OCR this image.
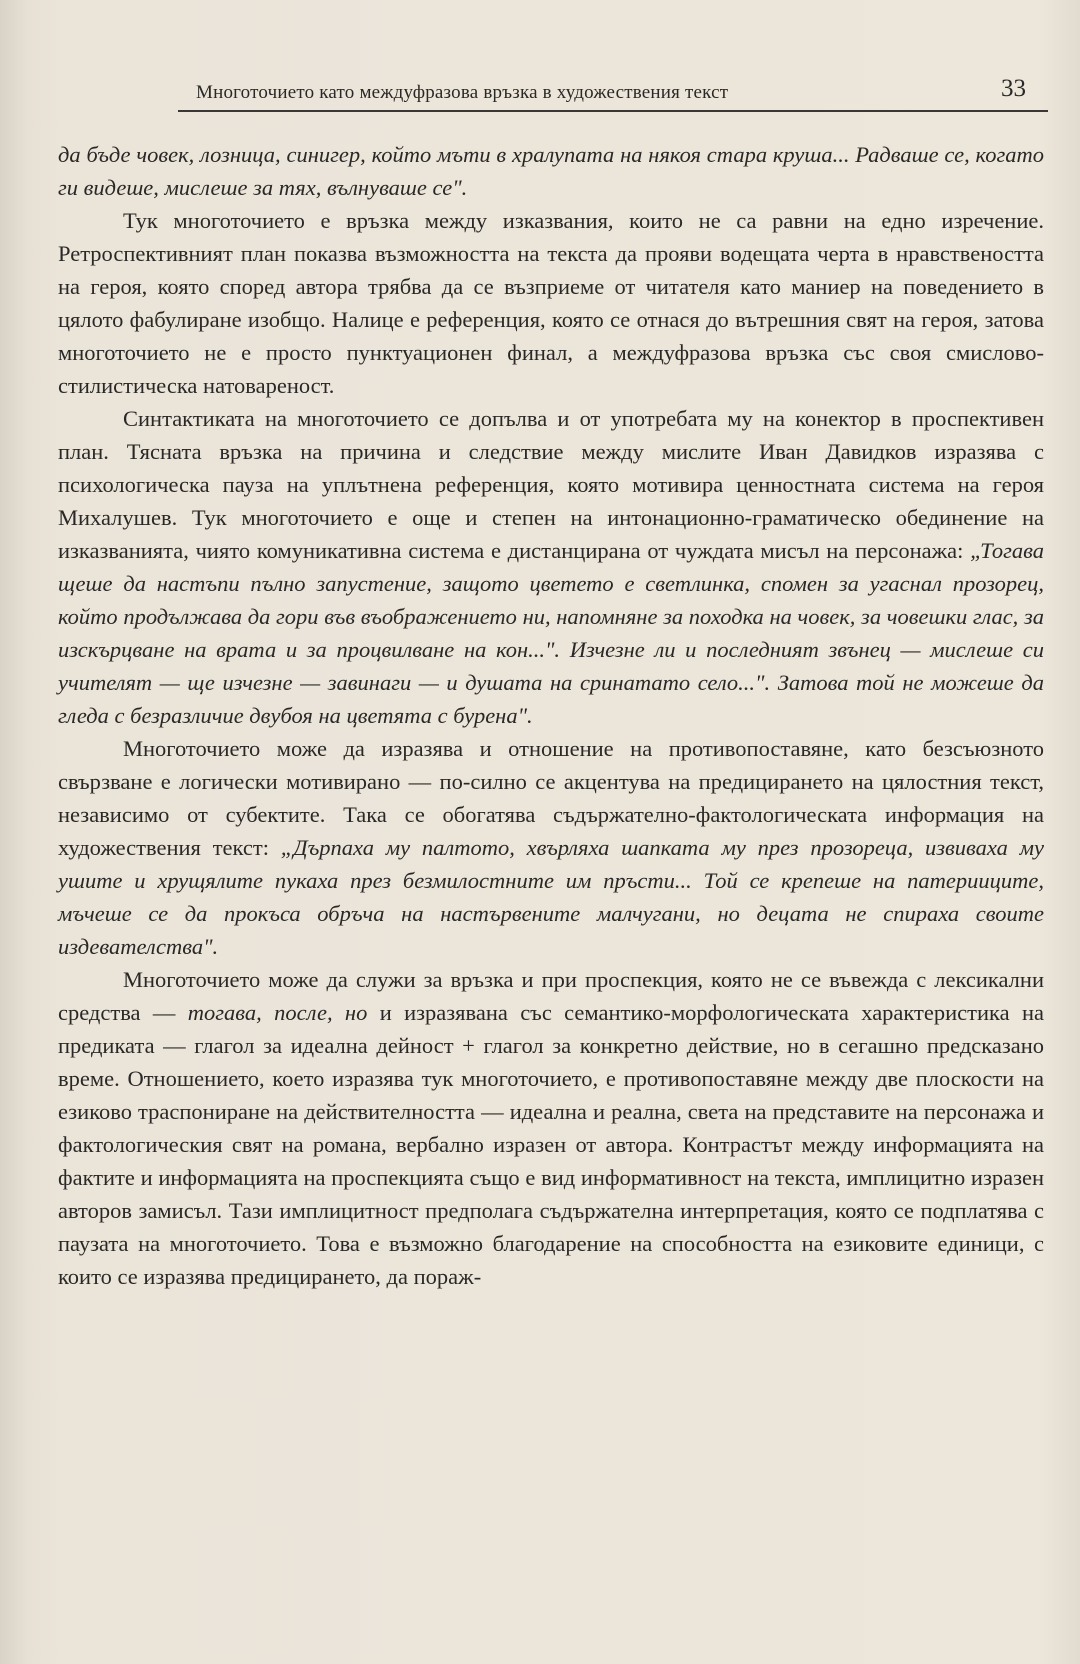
Многоточието като междуфразова връзка в художествения текст	33

да бъде човек, лозница, синигер, който мъти в хралупата на някоя стара круша... Радваше се, когато ги видеше, мислеше за тях, вълнуваше се".

Тук многоточието е връзка между изказвания, които не са равни на едно изречение. Ретроспективният план показва възможността на текста да прояви водещата черта в нравствеността на героя, която според автора трябва да се възприеме от читателя като маниер на поведението в цялото фабулиране изобщо. Налице е референция, която се отнася до вътрешния свят на героя, затова многоточието не е просто пунктуационен финал, а междуфразова връзка със своя смислово-стилистическа натовареност.

Синтактиката на многоточието се допълва и от употребата му на конектор в проспективен план. Тясната връзка на причина и следствие между мислите Иван Давидков изразява с психологическа пауза на уплътнена референция, която мотивира ценностната система на героя Михалушев. Тук многоточието е още и степен на интонационно-граматическо обединение на изказванията, чиято комуникативна система е дистанцирана от чуждата мисъл на персонажа: „Тогава щеше да настъпи пълно запустение, защото цветето е светлинка, спомен за угаснал прозорец, който продължава да гори във въображението ни, напомняне за походка на човек, за човешки глас, за изскърцване на врата и за процвилване на кон...". Изчезне ли и последният звънец — мислеше си учителят — ще изчезне — завинаги — и душата на сринатато село...". Затова той не можеше да гледа с безразличие двубоя на цветята с бурена".

Многоточието може да изразява и отношение на противопоставяне, като безсъюзното свързване е логически мотивирано — по-силно се акцентува на предицирането на цялостния текст, независимо от субектите. Така се обогатява съдържателно-фактологическата информация на художествения текст: „Дърпаха му палтото, хвърляха шапката му през прозореца, извиваха му ушите и хрущялите пукаха през безмилостните им пръсти... Той се крепеше на патерииците, мъчеше се да прокъса обръча на настървените малчугани, но децата не спираха своите издевателства".

Многоточието може да служи за връзка и при проспекция, която не се въвежда с лексикални средства — тогава, после, но и изразявана със семантико-морфологическата характеристика на предиката — глагол за идеална дейност + глагол за конкретно действие, но в сегашно предсказано време. Отношението, което изразява тук многоточието, е противопоставяне между две плоскости на езиково траспониране на действителността — идеална и реална, света на представите на персонажа и фактологическия свят на романа, вербално изразен от автора. Контрастът между информацията на фактите и информацията на проспекцията също е вид информативност на текста, имплицитно изразен авторов замисъл. Тази имплицитност предполага съдържателна интерпретация, която се подплатява с паузата на многоточието. Това е възможно благодарение на способността на езиковите единици, с които се изразява предицирането, да пораж-
